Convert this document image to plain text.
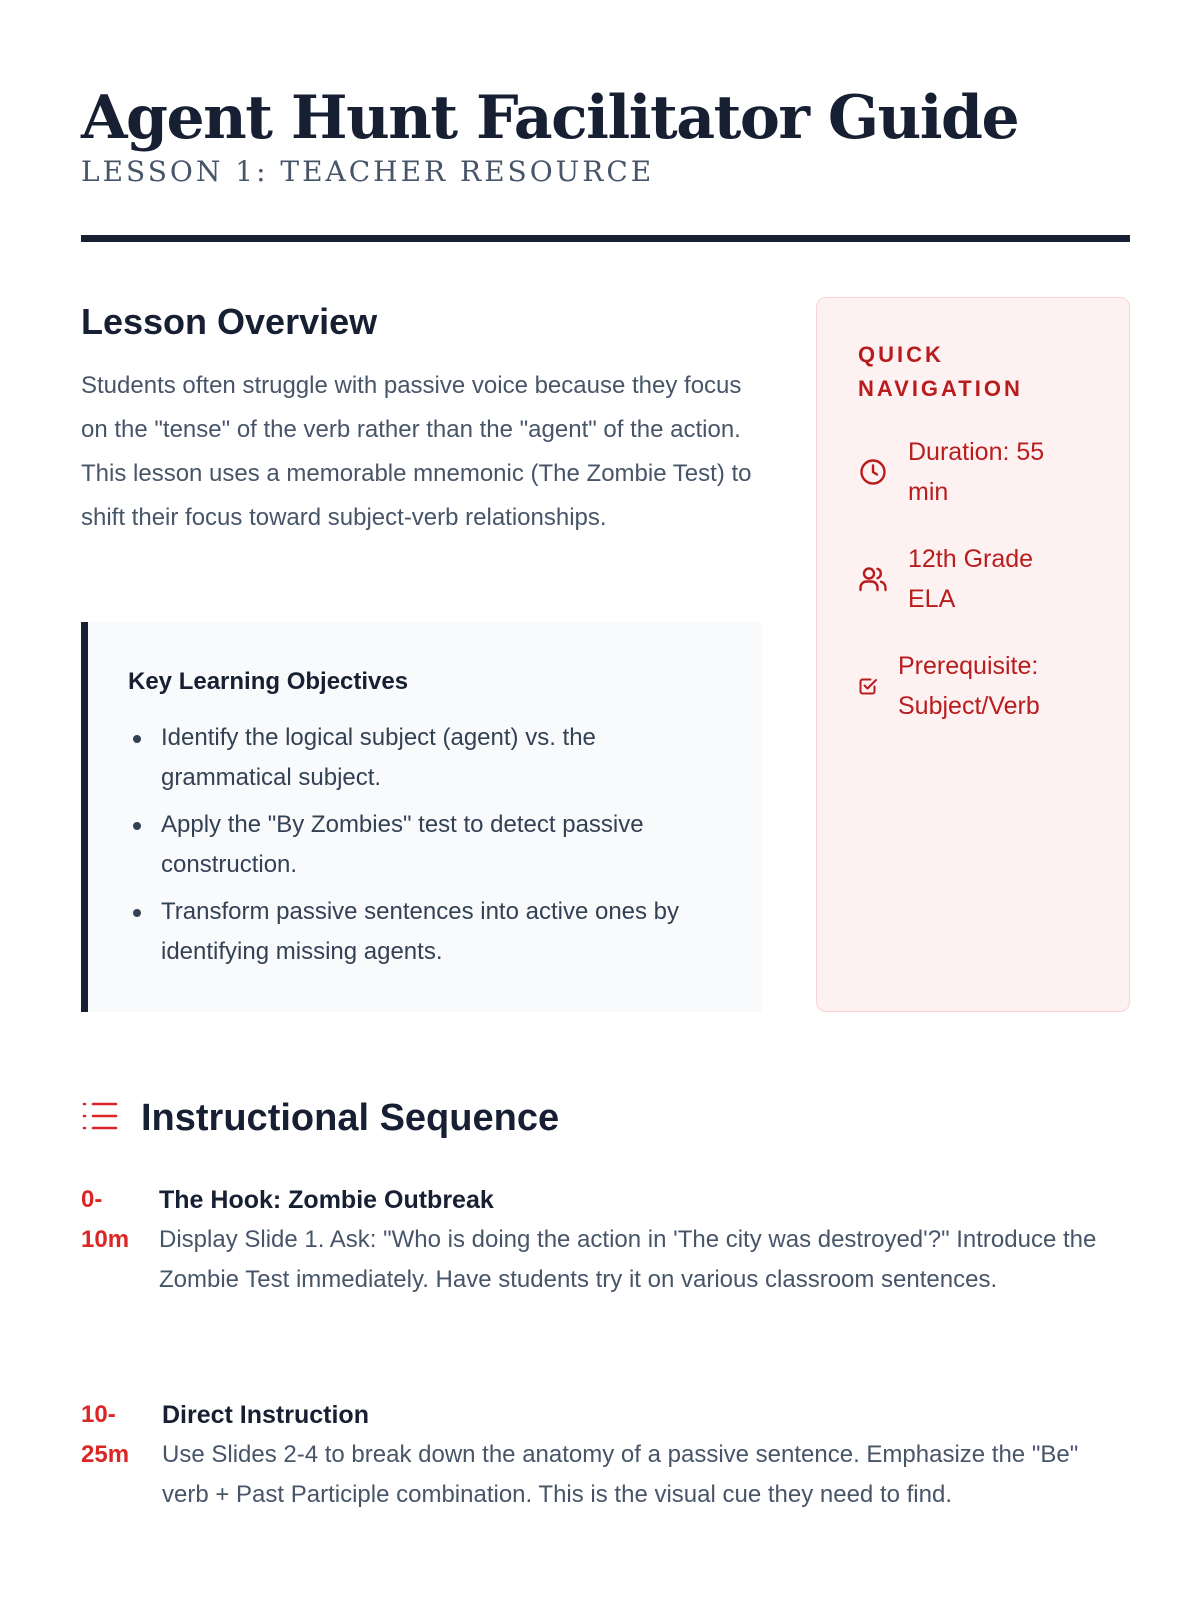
Agent Hunt Facilitator Guide
LESSON 1: TEACHER RESOURCE
Lesson Overview

Students often struggle with passive voice because they focus on the "tense" of the verb rather than the "agent" of the action. This lesson uses a memorable mnemonic (The Zombie Test) to shift their focus toward subject-verb relationships.

Key Learning Objectives
Identify the logical subject (agent) vs. the grammatical subject.
Apply the "By Zombies" test to detect passive construction.
Transform passive sentences into active ones by identifying missing agents.
QUICK NAVIGATION
Duration: 55 min
12th Grade ELA
Prerequisite: Subject/Verb
Instructional Sequence
0-
10m
The Hook: Zombie Outbreak
Display Slide 1. Ask: "Who is doing the action in 'The city was destroyed'?" Introduce the Zombie Test immediately. Have students try it on various classroom sentences.
10-
25m
Direct Instruction
Use Slides 2-4 to break down the anatomy of a passive sentence. Emphasize the "Be" verb + Past Participle combination. This is the visual cue they need to find.
